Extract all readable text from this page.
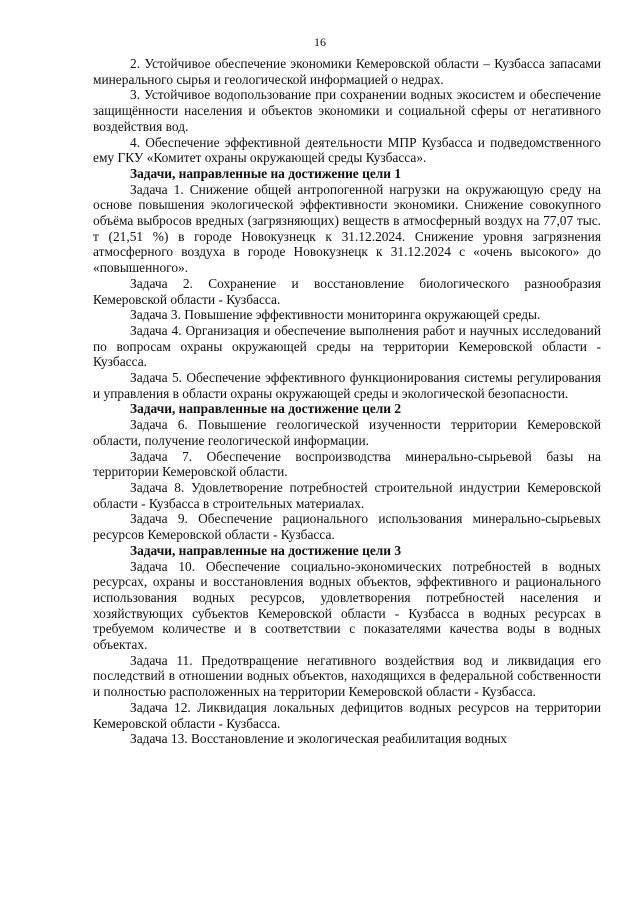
16

2. Устойчивое обеспечение экономики Кемеровской области – Кузбасса запасами минерального сырья и геологической информацией о недрах.

3. Устойчивое водопользование при сохранении водных экосистем и обеспечение защищённости населения и объектов экономики и социальной сферы от негативного воздействия вод.

4. Обеспечение эффективной деятельности МПР Кузбасса и подведомственного ему ГКУ «Комитет охраны окружающей среды Кузбасса».

Задачи, направленные на достижение цели 1

Задача 1. Снижение общей антропогенной нагрузки на окружающую среду на основе повышения экологической эффективности экономики. Снижение совокупного объёма выбросов вредных (загрязняющих) веществ в атмосферный воздух на 77,07 тыс. т (21,51 %) в городе Новокузнецк к 31.12.2024. Снижение уровня загрязнения атмосферного воздуха в городе Новокузнецк к 31.12.2024 с «очень высокого» до «повышенного».

Задача 2. Сохранение и восстановление биологического разнообразия Кемеровской области - Кузбасса.

Задача 3. Повышение эффективности мониторинга окружающей среды.

Задача 4. Организация и обеспечение выполнения работ и научных исследований по вопросам охраны окружающей среды на территории Кемеровской области - Кузбасса.

Задача 5. Обеспечение эффективного функционирования системы регулирования и управления в области охраны окружающей среды и экологической безопасности.

Задачи, направленные на достижение цели 2

Задача 6. Повышение геологической изученности территории Кемеровской области, получение геологической информации.

Задача 7. Обеспечение воспроизводства минерально-сырьевой базы на территории Кемеровской области.

Задача 8. Удовлетворение потребностей строительной индустрии Кемеровской области - Кузбасса в строительных материалах.

Задача 9. Обеспечение рационального использования минерально-сырьевых ресурсов Кемеровской области - Кузбасса.

Задачи, направленные на достижение цели 3

Задача 10. Обеспечение социально-экономических потребностей в водных ресурсах, охраны и восстановления водных объектов, эффективного и рационального использования водных ресурсов, удовлетворения потребностей населения и хозяйствующих субъектов Кемеровской области - Кузбасса в водных ресурсах в требуемом количестве и в соответствии с показателями качества воды в водных объектах.

Задача 11. Предотвращение негативного воздействия вод и ликвидация его последствий в отношении водных объектов, находящихся в федеральной собственности и полностью расположенных на территории Кемеровской области - Кузбасса.

Задача 12. Ликвидация локальных дефицитов водных ресурсов на территории Кемеровской области - Кузбасса.

Задача 13. Восстановление и экологическая реабилитация водных
